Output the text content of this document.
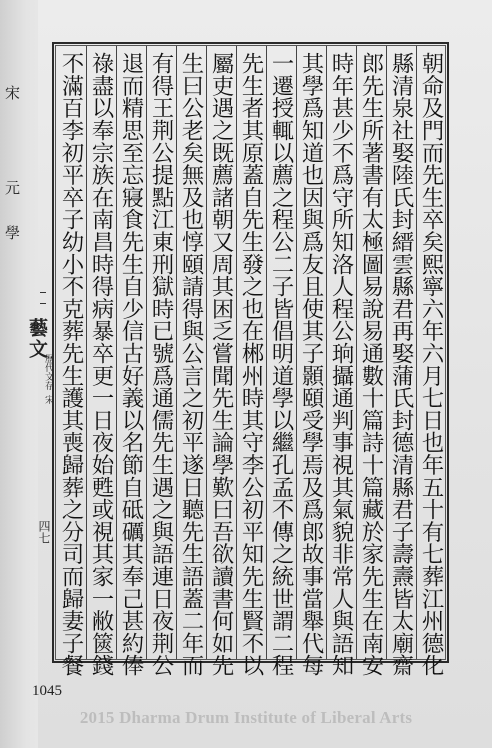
宋
元學
藝文
歷代文存
宋
四七	朝命及門而先生卒矣熙寧六年六月七日也年五十有七葬江州德化
縣清泉社娶陸氏封縉雲縣君再娶蒲氏封德清縣君子壽燾皆太廟齋
郎先生所著書有太極圖易說易通數十篇詩十篇藏於家先生在南安
時年甚少不爲守所知洛人程公珦攝通判事視其氣貌非常人與語知
其學爲知道也因與爲友且使其子顥頤受學焉及爲郎故事當舉代每
一遷授輒以薦之程公二子皆倡明道學以繼孔孟不傳之統世謂二程
先生者其原蓋自先生發之也在郴州時其守李公初平知先生賢不以
屬吏遇之既薦諸朝又周其困乏嘗聞先生論學歎曰吾欲讀書何如先
生曰公老矣無及也惇頤請得與公言之初平遂日聽先生語蓋二年而
有得王荆公提點江東刑獄時已號爲通儒先生遇之與語連日夜荆公
退而精思至忘寢食先生自少信古好義以名節自砥礪其奉己甚約俸
祿盡以奉宗族在南昌時得病暴卒更一日夜始甦或視其家一敝篋錢
不滿百李初平卒子幼小不克葬先生護其喪歸葬之分司而歸妻子餐
1045
2015 Dharma Drum Institute of Liberal Arts
